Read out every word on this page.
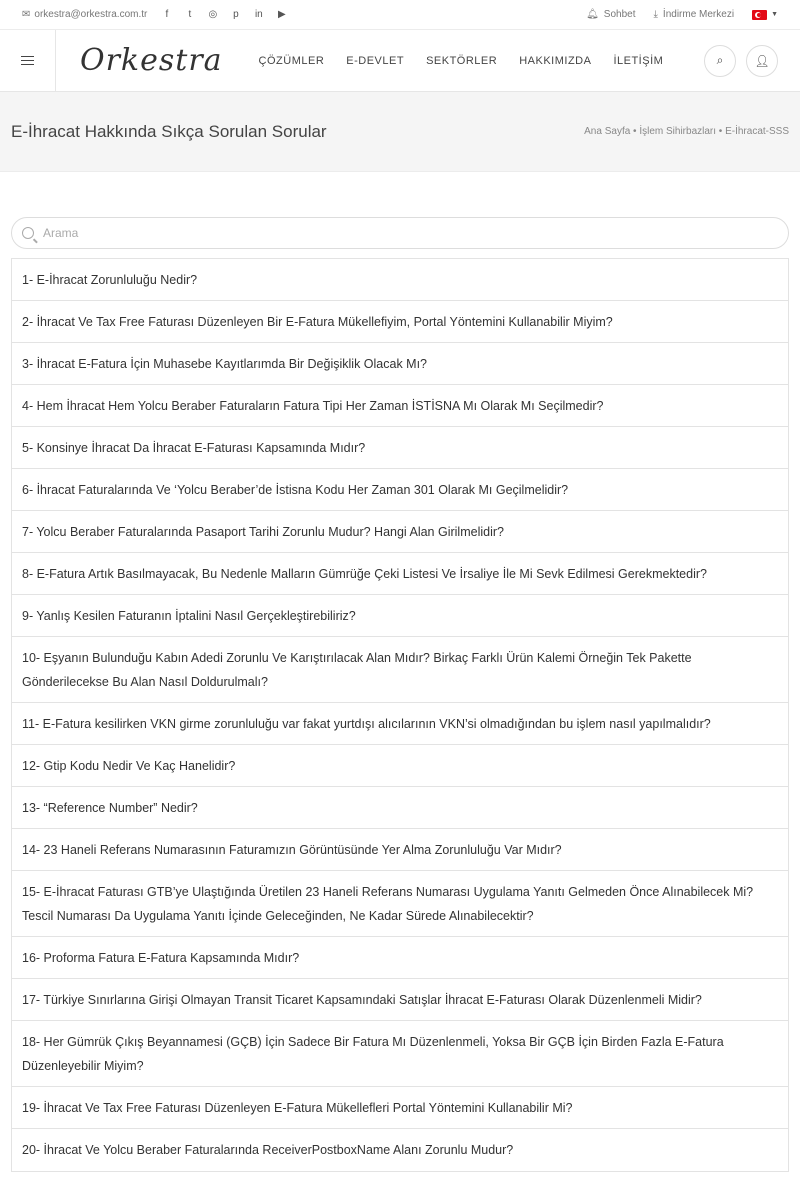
✉ orkestra@orkestra.com.tr	f	t	◎ p in ▶	🔔︎ Sohbet ⤓ İndirme Merkezi	▼
Orkestra	ÇÖZÜMLER E-DEVLET SEKTÖRLER HAKKIMIZDA İLETİŞİM	⌕	👤︎
E-İhracat Hakkında Sıkça Sorulan Sorular	Ana Sayfa • İşlem Sihirbazları • E-İhracat-SSS
Arama
1- E-İhracat Zorunluluğu Nedir?
2- İhracat Ve Tax Free Faturası Düzenleyen Bir E-Fatura Mükellefiyim, Portal Yöntemini Kullanabilir Miyim?
3- İhracat E-Fatura İçin Muhasebe Kayıtlarımda Bir Değişiklik Olacak Mı?
4- Hem İhracat Hem Yolcu Beraber Faturaların Fatura Tipi Her Zaman İSTİSNA Mı Olarak Mı Seçilmedir?
5- Konsinye İhracat Da İhracat E-Faturası Kapsamında Mıdır?
6- İhracat Faturalarında Ve ‘Yolcu Beraber’de İstisna Kodu Her Zaman 301 Olarak Mı Geçilmelidir?
7- Yolcu Beraber Faturalarında Pasaport Tarihi Zorunlu Mudur? Hangi Alan Girilmelidir?
8- E-Fatura Artık Basılmayacak, Bu Nedenle Malların Gümrüğe Çeki Listesi Ve İrsaliye İle Mi Sevk Edilmesi Gerekmektedir?
9- Yanlış Kesilen Faturanın İptalini Nasıl Gerçekleştirebiliriz?
10- Eşyanın Bulunduğu Kabın Adedi Zorunlu Ve Karıştırılacak Alan Mıdır? Birkaç Farklı Ürün Kalemi Örneğin Tek Pakette Gönderilecekse Bu Alan Nasıl Doldurulmalı?
11- E-Fatura kesilirken VKN girme zorunluluğu var fakat yurtdışı alıcılarının VKN’si olmadığından bu işlem nasıl yapılmalıdır?
12- Gtip Kodu Nedir Ve Kaç Hanelidir?
13- “Reference Number” Nedir?
14- 23 Haneli Referans Numarasının Faturamızın Görüntüsünde Yer Alma Zorunluluğu Var Mıdır?
15- E-İhracat Faturası GTB’ye Ulaştığında Üretilen 23 Haneli Referans Numarası Uygulama Yanıtı Gelmeden Önce Alınabilecek Mi? Tescil Numarası Da Uygulama Yanıtı İçinde Geleceğinden, Ne Kadar Sürede Alınabilecektir?
16- Proforma Fatura E-Fatura Kapsamında Mıdır?
17- Türkiye Sınırlarına Girişi Olmayan Transit Ticaret Kapsamındaki Satışlar İhracat E-Faturası Olarak Düzenlenmeli Midir?
18- Her Gümrük Çıkış Beyannamesi (GÇB) İçin Sadece Bir Fatura Mı Düzenlenmeli, Yoksa Bir GÇB İçin Birden Fazla E-Fatura Düzenleyebilir Miyim?
19- İhracat Ve Tax Free Faturası Düzenleyen E-Fatura Mükellefleri Portal Yöntemini Kullanabilir Mi?
20- İhracat Ve Yolcu Beraber Faturalarında ReceiverPostboxName Alanı Zorunlu Mudur?
